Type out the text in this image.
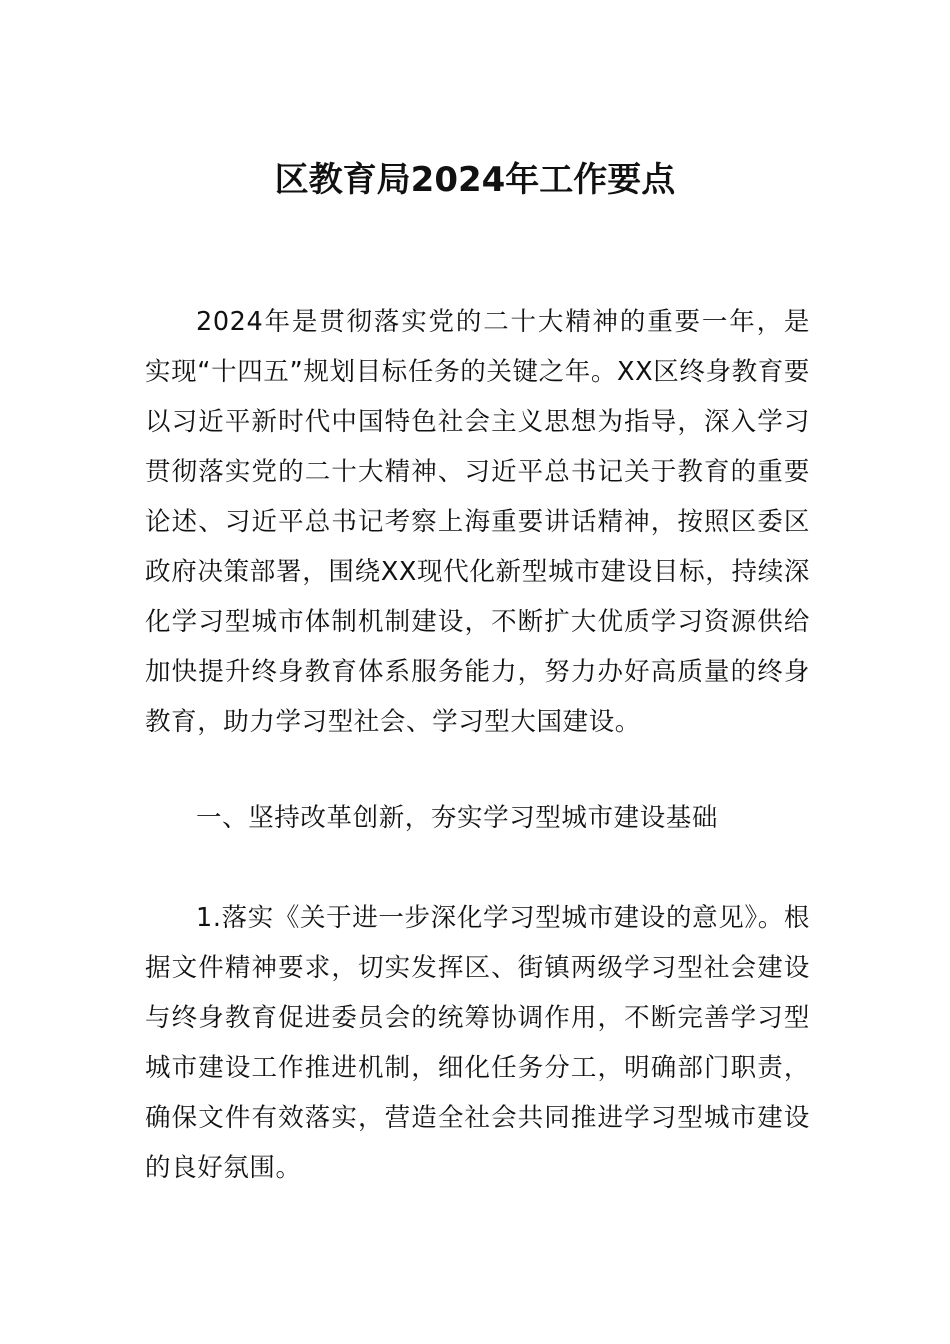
区教育局2024年工作要点

2024年是贯彻落实党的二十大精神的重要一年，是实现“十四五”规划目标任务的关键之年。XX区终身教育要以习近平新时代中国特色社会主义思想为指导，深入学习贯彻落实党的二十大精神、习近平总书记关于教育的重要论述、习近平总书记考察上海重要讲话精神，按照区委区政府决策部署，围绕XX现代化新型城市建设目标，持续深化学习型城市体制机制建设，不断扩大优质学习资源供给加快提升终身教育体系服务能力，努力办好高质量的终身教育，助力学习型社会、学习型大国建设。

一、坚持改革创新，夯实学习型城市建设基础

1.落实《关于进一步深化学习型城市建设的意见》。根据文件精神要求，切实发挥区、街镇两级学习型社会建设与终身教育促进委员会的统筹协调作用，不断完善学习型城市建设工作推进机制，细化任务分工，明确部门职责，确保文件有效落实，营造全社会共同推进学习型城市建设的良好氛围。
